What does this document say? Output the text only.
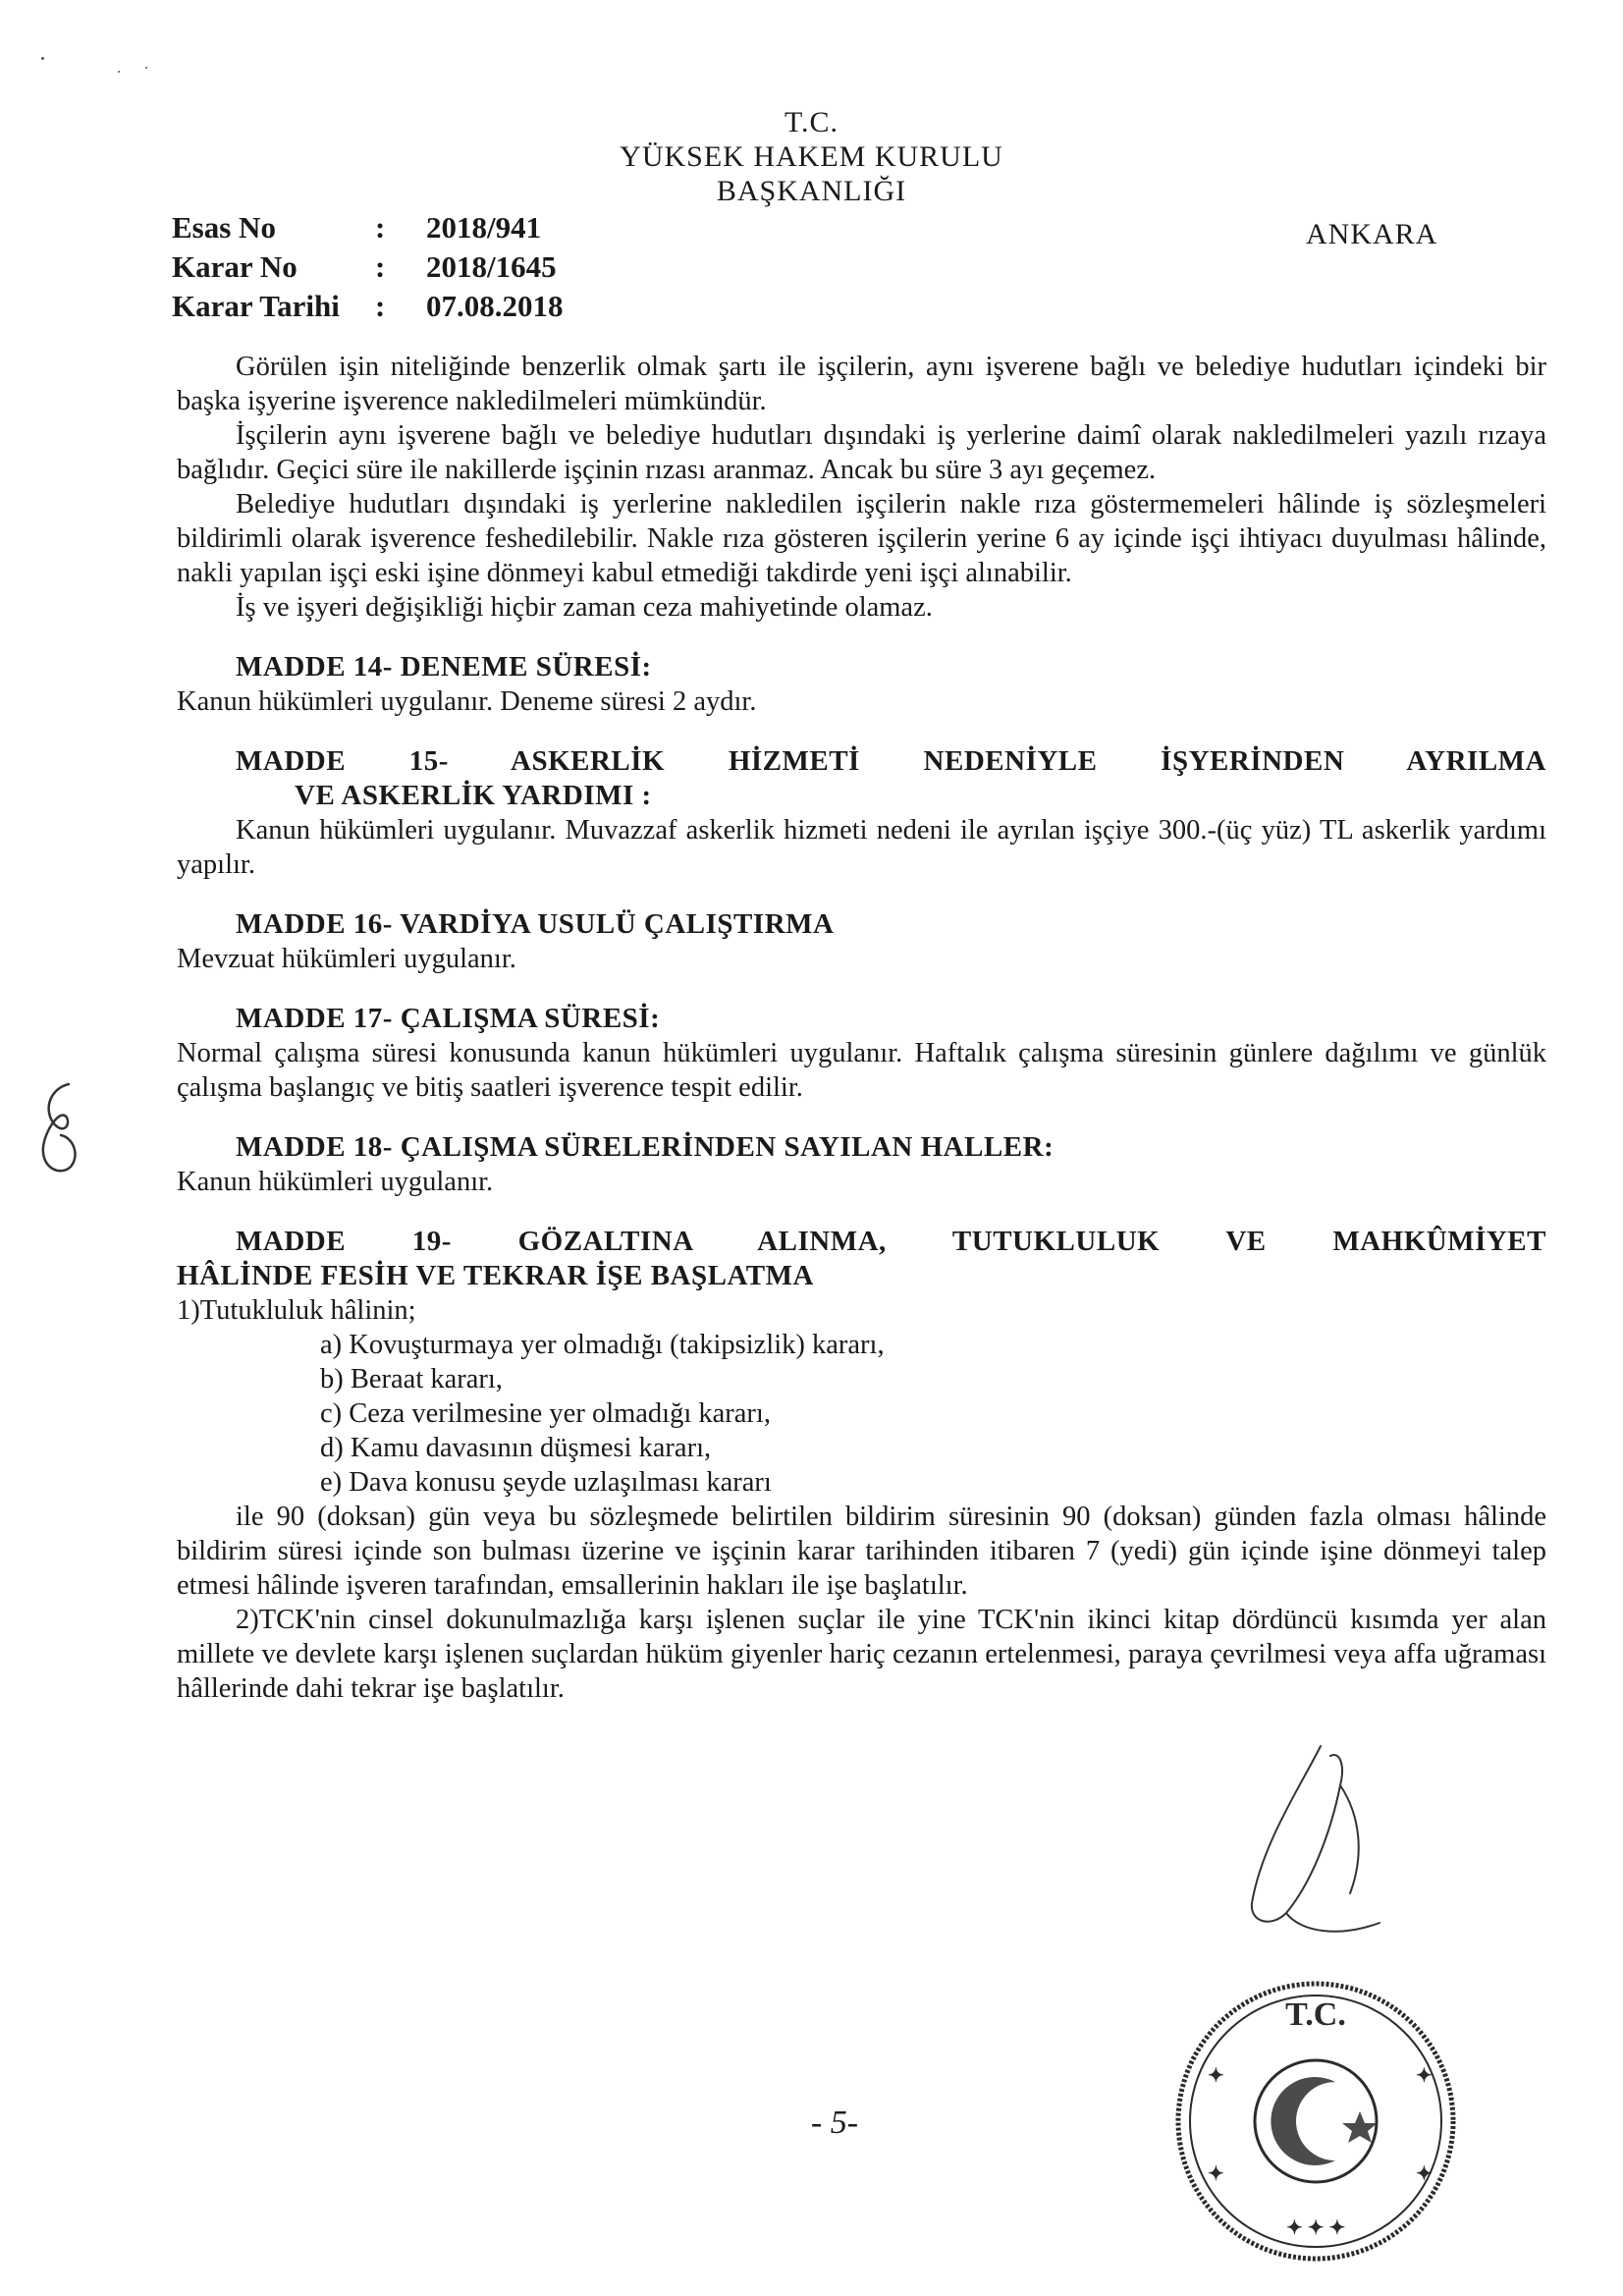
T.C.
YÜKSEK HAKEM KURULU
BAŞKANLIĞI
Esas No	:	2018/941
Karar No	:	2018/1645
Karar Tarihi	:	07.08.2018
ANKARA

Görülen işin niteliğinde benzerlik olmak şartı ile işçilerin, aynı işverene bağlı ve belediye hudutları içindeki bir başka işyerine işverence nakledilmeleri mümkündür.

İşçilerin aynı işverene bağlı ve belediye hudutları dışındaki iş yerlerine daimî olarak nakledilmeleri yazılı rızaya bağlıdır. Geçici süre ile nakillerde işçinin rızası aranmaz. Ancak bu süre 3 ayı geçemez.

Belediye hudutları dışındaki iş yerlerine nakledilen işçilerin nakle rıza göstermemeleri hâlinde iş sözleşmeleri bildirimli olarak işverence feshedilebilir. Nakle rıza gösteren işçilerin yerine 6 ay içinde işçi ihtiyacı duyulması hâlinde, nakli yapılan işçi eski işine dönmeyi kabul etmediği takdirde yeni işçi alınabilir.

İş ve işyeri değişikliği hiçbir zaman ceza mahiyetinde olamaz.

MADDE 14- DENEME SÜRESİ:

Kanun hükümleri uygulanır. Deneme süresi 2 aydır.

MADDE 15- ASKERLİK HİZMETİ NEDENİYLE İŞYERİNDEN AYRILMA

VE ASKERLİK YARDIMI :

Kanun hükümleri uygulanır. Muvazzaf askerlik hizmeti nedeni ile ayrılan işçiye 300.-(üç yüz) TL askerlik yardımı yapılır.

MADDE 16- VARDİYA USULÜ ÇALIŞTIRMA

Mevzuat hükümleri uygulanır.

MADDE 17- ÇALIŞMA SÜRESİ:

Normal çalışma süresi konusunda kanun hükümleri uygulanır. Haftalık çalışma süresinin günlere dağılımı ve günlük çalışma başlangıç ve bitiş saatleri işverence tespit edilir.

MADDE 18- ÇALIŞMA SÜRELERİNDEN SAYILAN HALLER:

Kanun hükümleri uygulanır.

MADDE 19- GÖZALTINA ALINMA, TUTUKLULUK VE MAHKÛMİYET

HÂLİNDE FESİH VE TEKRAR İŞE BAŞLATMA

1)Tutukluluk hâlinin;

a) Kovuşturmaya yer olmadığı (takipsizlik) kararı,

b) Beraat kararı,

c) Ceza verilmesine yer olmadığı kararı,

d) Kamu davasının düşmesi kararı,

e) Dava konusu şeyde uzlaşılması kararı

ile 90 (doksan) gün veya bu sözleşmede belirtilen bildirim süresinin 90 (doksan) günden fazla olması hâlinde bildirim süresi içinde son bulması üzerine ve işçinin karar tarihinden itibaren 7 (yedi) gün içinde işine dönmeyi talep etmesi hâlinde işveren tarafından, emsallerinin hakları ile işe başlatılır.

2)TCK'nin cinsel dokunulmazlığa karşı işlenen suçlar ile yine TCK'nin ikinci kitap dördüncü kısımda yer alan millete ve devlete karşı işlenen suçlardan hüküm giyenler hariç cezanın ertelenmesi, paraya çevrilmesi veya affa uğraması hâllerinde dahi tekrar işe başlatılır.

- 5-
T.C.
✦	✦
✦	✦
✦ ✦ ✦
